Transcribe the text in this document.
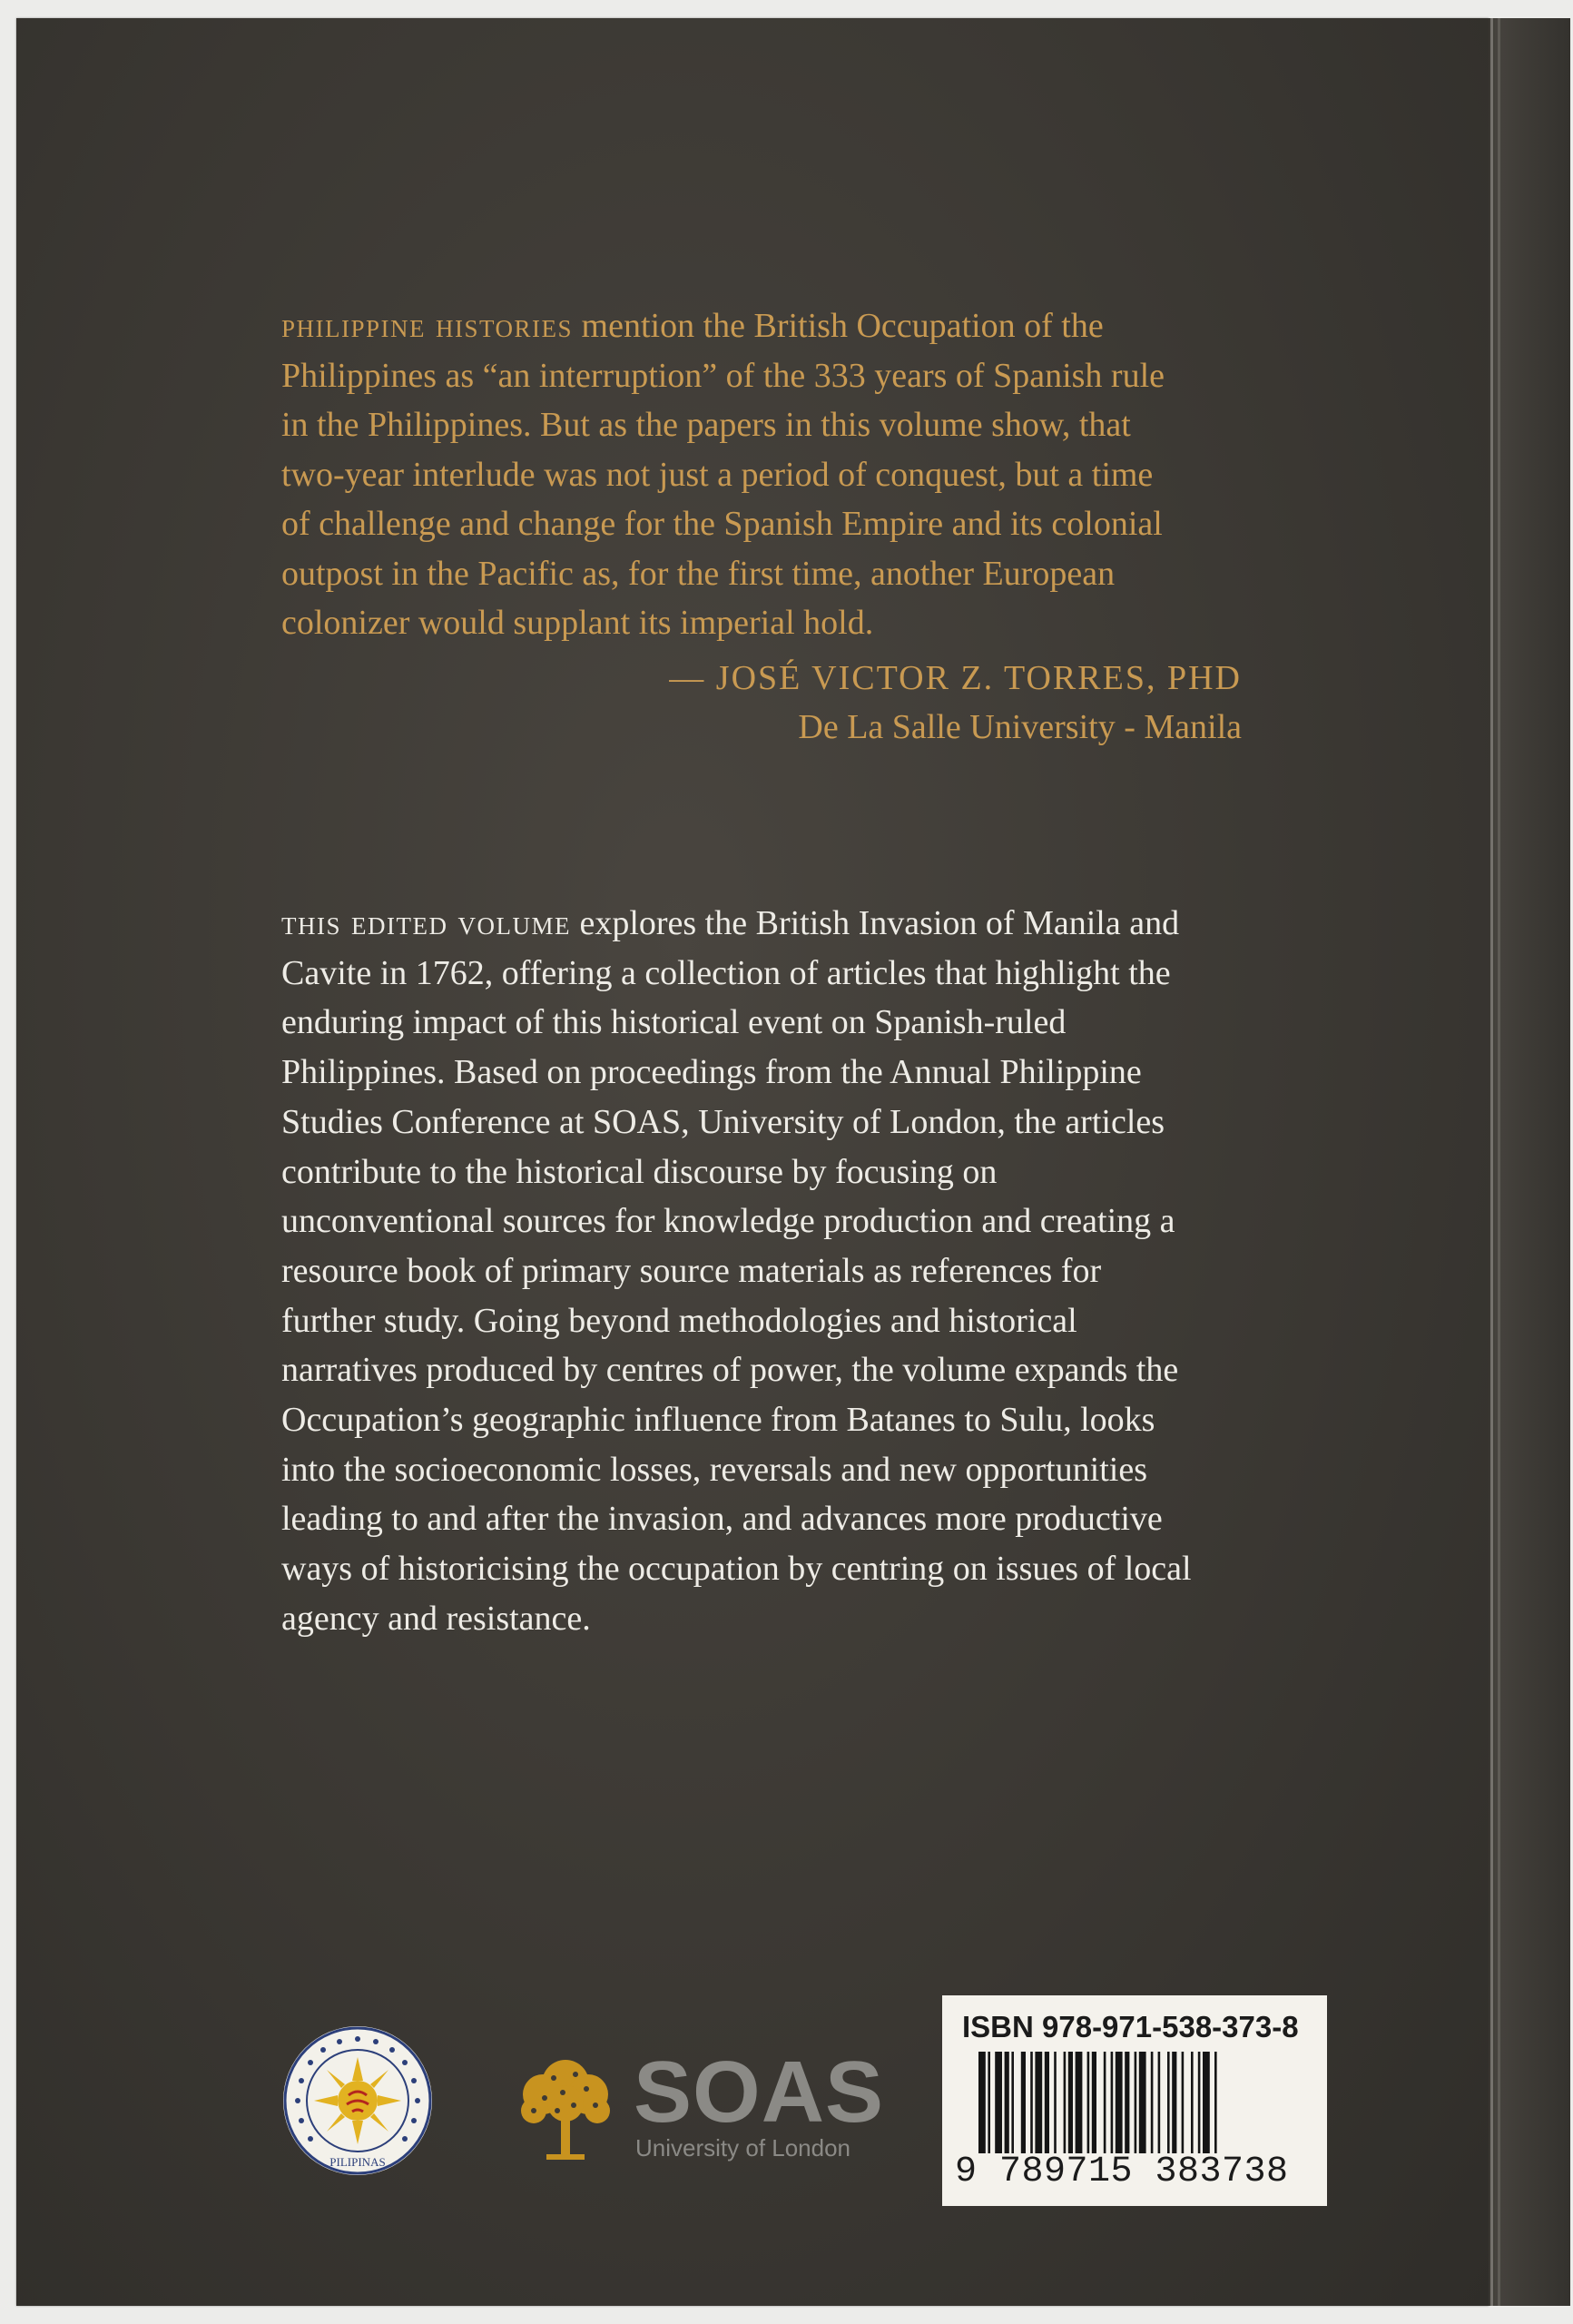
philippine histories mention the British Occupation of the

Philippines as “an interruption” of the 333 years of Spanish rule

in the Philippines. But as the papers in this volume show, that

two-year interlude was not just a period of conquest, but a time

of challenge and change for the Spanish Empire and its colonial

outpost in the Pacific as, for the first time, another European

colonizer would supplant its imperial hold.

— JOSÉ VICTOR Z. TORRES, PHD
De La Salle University - Manila

this edited volume explores the British Invasion of Manila and

Cavite in 1762, offering a collection of articles that highlight the

enduring impact of this historical event on Spanish-ruled

Philippines. Based on proceedings from the Annual Philippine

Studies Conference at SOAS, University of London, the articles

contribute to the historical discourse by focusing on

unconventional sources for knowledge production and creating a

resource book of primary source materials as references for

further study. Going beyond methodologies and historical

narratives produced by centres of power, the volume expands the

Occupation’s geographic influence from Batanes to Sulu, looks

into the socioeconomic losses, reversals and new opportunities

leading to and after the invasion, and advances more productive

ways of historicising the occupation by centring on issues of local

agency and resistance.

PILIPINAS
SOAS
University of London
ISBN 978-971-538-373-8
9 789715 383738
